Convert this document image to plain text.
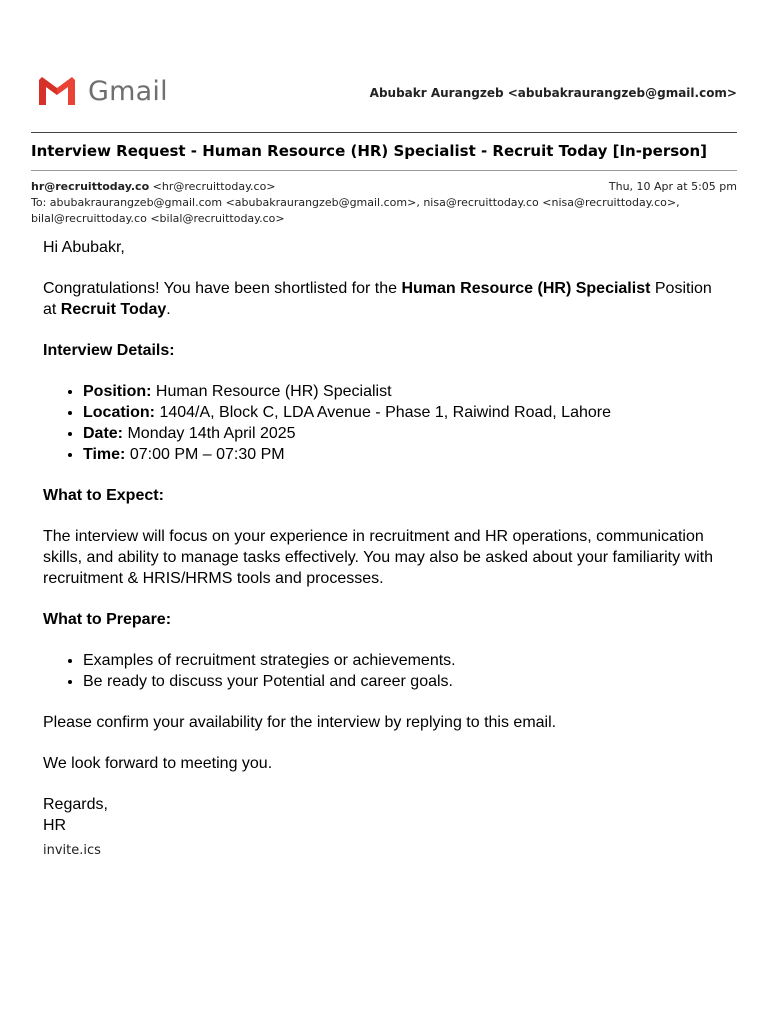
Gmail	Abubakr Aurangzeb <abubakraurangzeb@gmail.com>
Interview Request - Human Resource (HR) Specialist - Recruit Today [In-person]
hr@recruittoday.co <hr@recruittoday.co>	Thu, 10 Apr at 5:05 pm
To: abubakraurangzeb@gmail.com <abubakraurangzeb@gmail.com>, nisa@recruittoday.co <nisa@recruittoday.co>,
bilal@recruittoday.co <bilal@recruittoday.co>

Hi Abubakr,

Congratulations! You have been shortlisted for the Human Resource (HR) Specialist Position at Recruit Today.

Interview Details:

• Position: Human Resource (HR) Specialist
• Location: 1404/A, Block C, LDA Avenue - Phase 1, Raiwind Road, Lahore
• Date: Monday 14th April 2025
• Time: 07:00 PM – 07:30 PM

What to Expect:

The interview will focus on your experience in recruitment and HR operations, communication skills, and ability to manage tasks effectively. You may also be asked about your familiarity with recruitment & HRIS/HRMS tools and processes.

What to Prepare:

• Examples of recruitment strategies or achievements.
• Be ready to discuss your Potential and career goals.

Please confirm your availability for the interview by replying to this email.

We look forward to meeting you.

Regards,
HR
invite.ics
